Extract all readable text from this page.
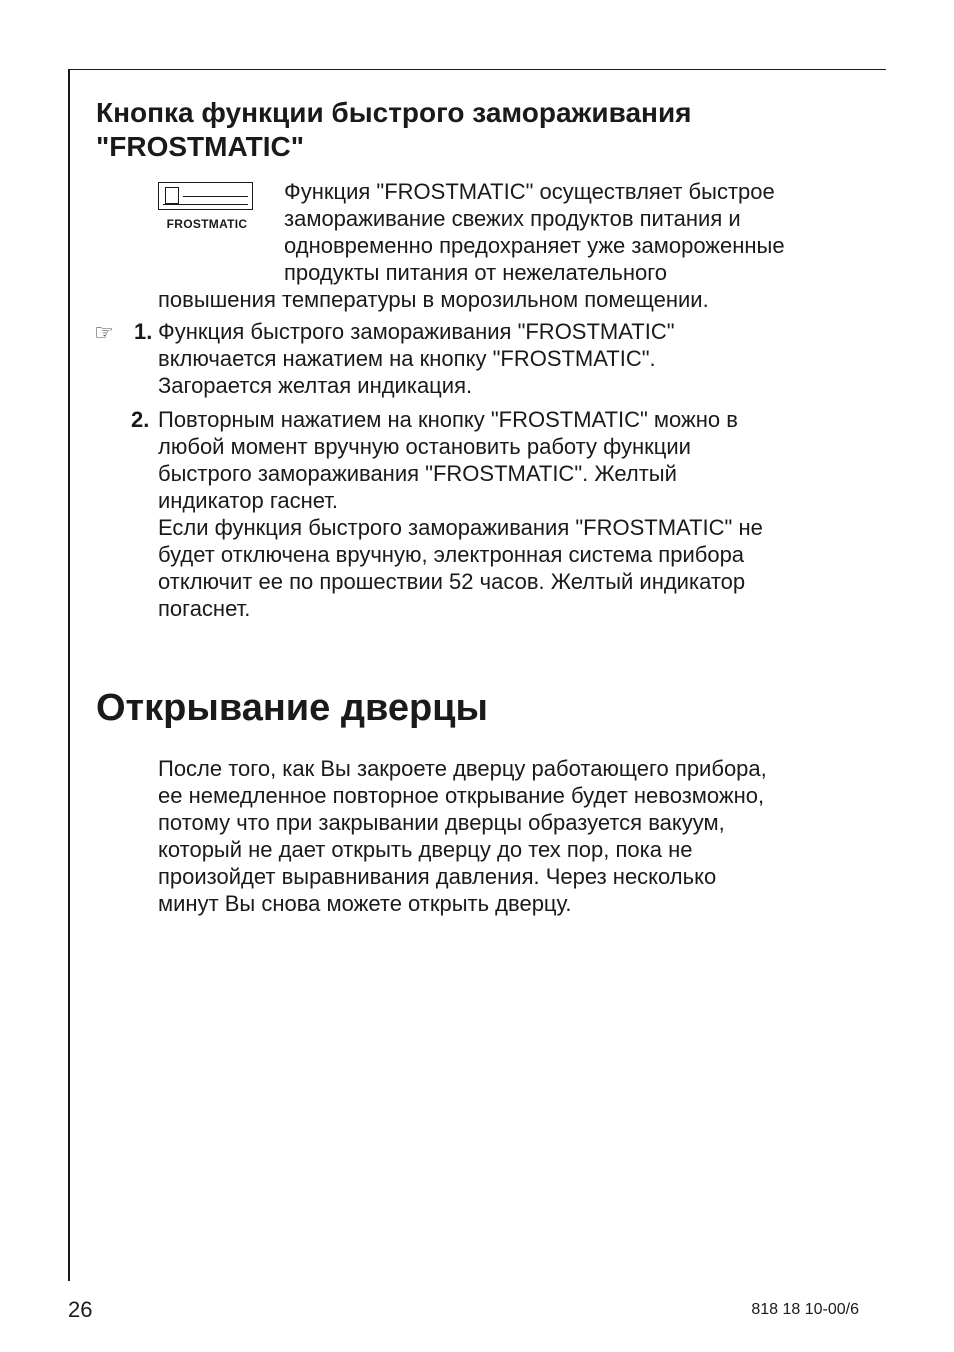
Кнопка функции быстрого замораживания
"FROSTMATIC"
FROSTMATIC

Функция "FROSTMATIC" осуществляет быстрое
замораживание свежих продуктов питания и
одновременно предохраняет уже замороженные
продукты питания от нежелательного

повышения температуры в морозильном помещении.

☞ 1. Функция быстрого замораживания "FROSTMATIC"
включается нажатием на кнопку "FROSTMATIC".
Загорается желтая индикация.

2. Повторным нажатием на кнопку "FROSTMATIC" можно в
любой момент вручную остановить работу функции
быстрого замораживания "FROSTMATIC". Желтый
индикатор гаснет.

Если функция быстрого замораживания "FROSTMATIC" не
будет отключена вручную, электронная система прибора
отключит ее по прошествии 52 часов. Желтый индикатор
погаснет.

Открывание дверцы

После того, как Вы закроете дверцу работающего прибора,
ее немедленное повторное открывание будет невозможно,
потому что при закрывании дверцы образуется вакуум,
который не дает открыть дверцу до тех пор, пока не
произойдет выравнивания давления. Через несколько
минут Вы снова можете открыть дверцу.

26	818 18 10-00/6
